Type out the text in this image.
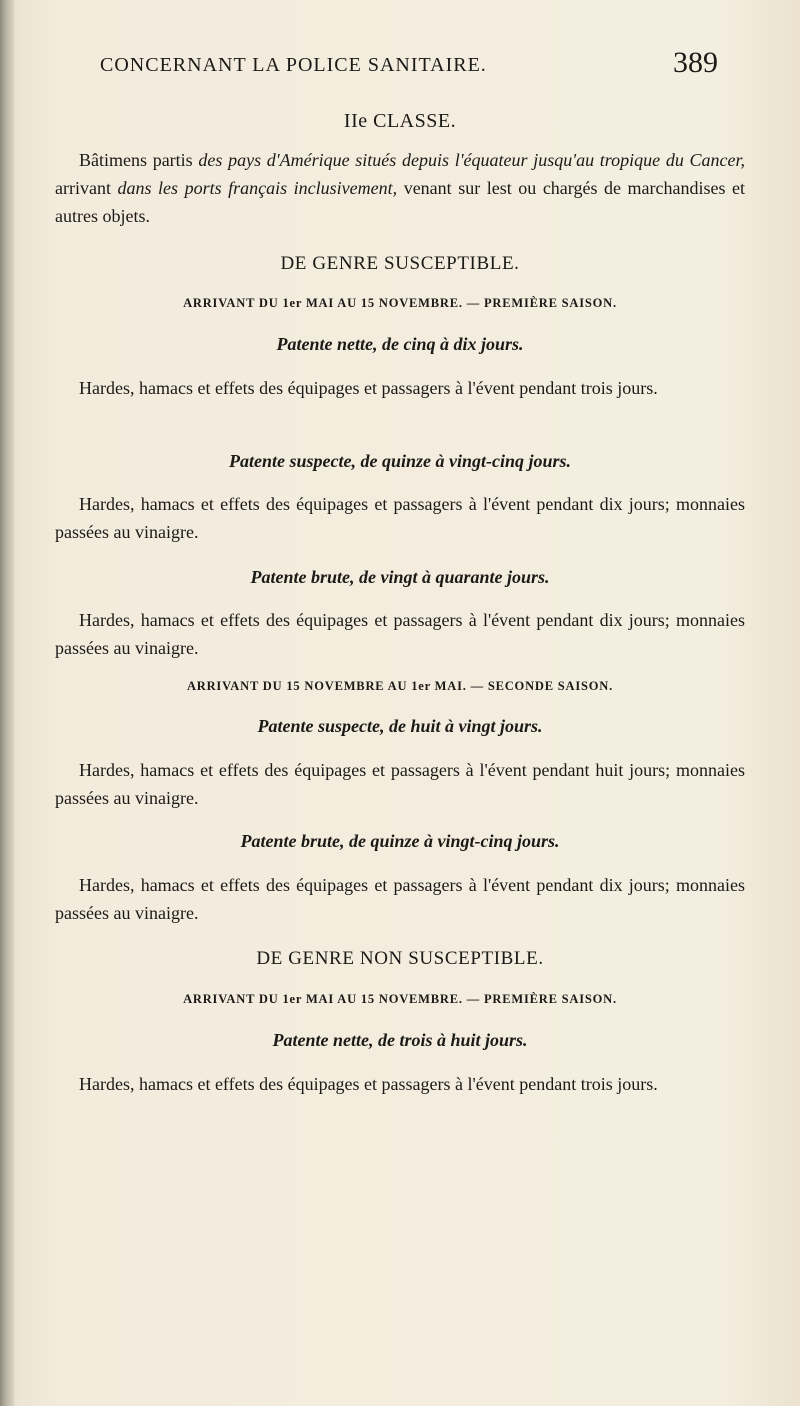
CONCERNANT LA POLICE SANITAIRE.	389
IIe CLASSE.
Bâtimens partis des pays d'Amérique situés depuis l'équateur jusqu'au tropique du Cancer, arrivant dans les ports français inclusivement, venant sur lest ou chargés de marchandises et autres objets.
DE GENRE SUSCEPTIBLE.
ARRIVANT DU 1er MAI AU 15 NOVEMBRE. — PREMIÈRE SAISON.
Patente nette, de cinq à dix jours.
Hardes, hamacs et effets des équipages et passagers à l'évent pendant trois jours.
Patente suspecte, de quinze à vingt-cinq jours.
Hardes, hamacs et effets des équipages et passagers à l'évent pendant dix jours; monnaies passées au vinaigre.
Patente brute, de vingt à quarante jours.
Hardes, hamacs et effets des équipages et passagers à l'évent pendant dix jours; monnaies passées au vinaigre.
ARRIVANT DU 15 NOVEMBRE AU 1er MAI. — SECONDE SAISON.
Patente suspecte, de huit à vingt jours.
Hardes, hamacs et effets des équipages et passagers à l'évent pendant huit jours; monnaies passées au vinaigre.
Patente brute, de quinze à vingt-cinq jours.
Hardes, hamacs et effets des équipages et passagers à l'évent pendant dix jours; monnaies passées au vinaigre.
DE GENRE NON SUSCEPTIBLE.
ARRIVANT DU 1er MAI AU 15 NOVEMBRE. — PREMIÈRE SAISON.
Patente nette, de trois à huit jours.
Hardes, hamacs et effets des équipages et passagers à l'évent pendant trois jours.
